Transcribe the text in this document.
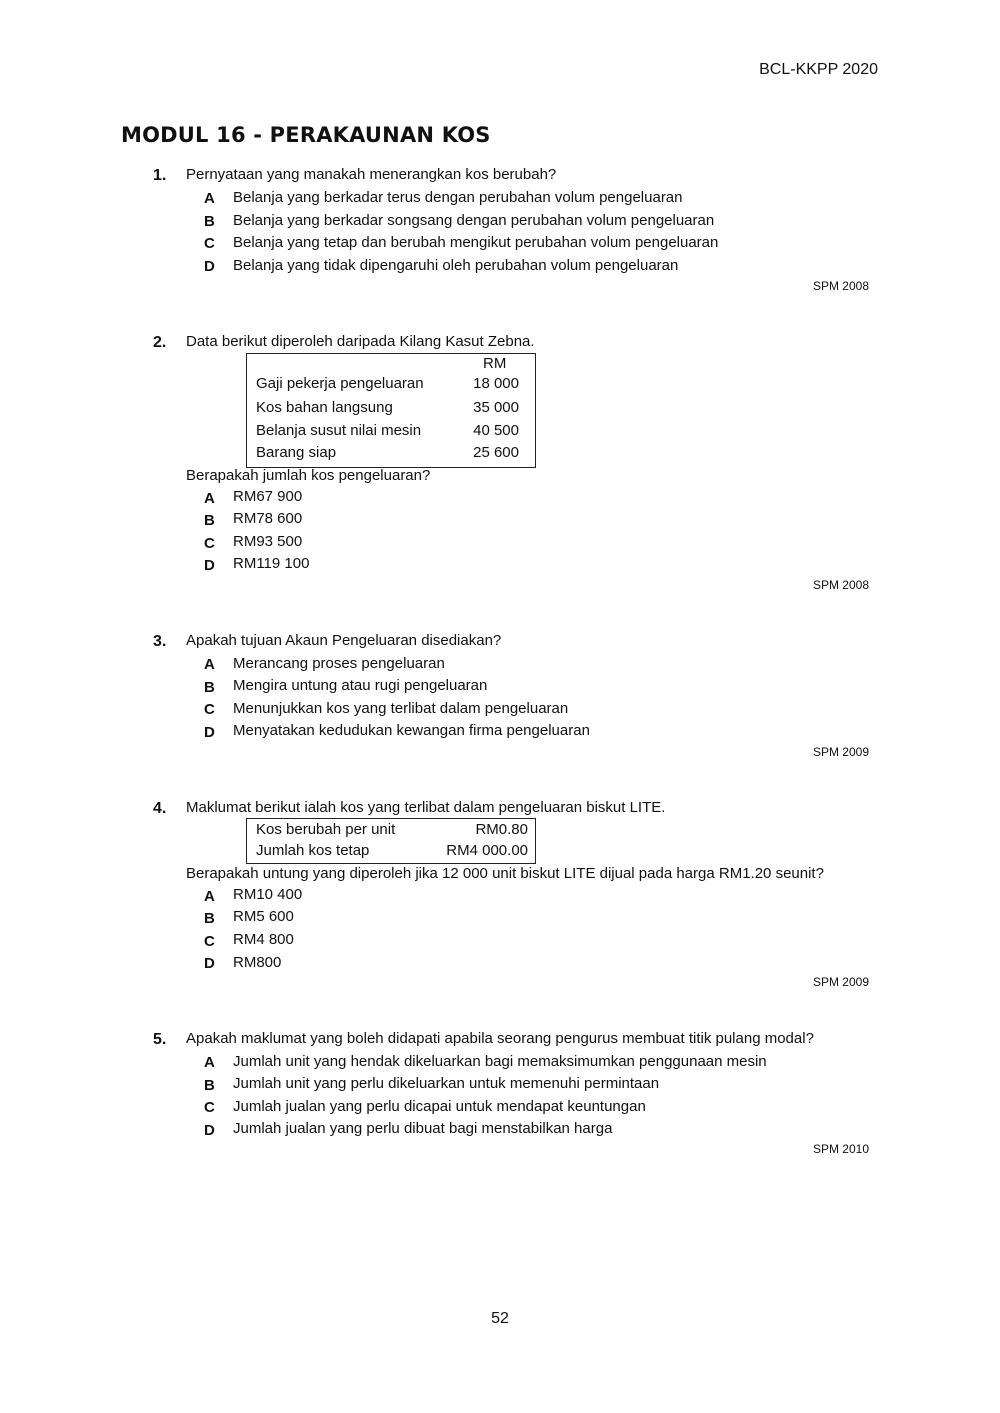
BCL-KKPP 2020
MODUL 16 - PERAKAUNAN KOS
1. Pernyataan yang manakah menerangkan kos berubah?
A Belanja yang berkadar terus dengan perubahan volum pengeluaran
B Belanja yang berkadar songsang dengan perubahan volum pengeluaran
C Belanja yang tetap dan berubah mengikut perubahan volum pengeluaran
D Belanja yang tidak dipengaruhi oleh perubahan volum pengeluaran
SPM 2008
2. Data berikut diperoleh daripada Kilang Kasut Zebna.
RM
Gaji pekerja pengeluaran	18 000
Kos bahan langsung	35 000
Belanja susut nilai mesin	40 500
Barang siap	25 600
Berapakah jumlah kos pengeluaran?
A RM67 900
B RM78 600
C RM93 500
D RM119 100
SPM 2008
3. Apakah tujuan Akaun Pengeluaran disediakan?
A Merancang proses pengeluaran
B Mengira untung atau rugi pengeluaran
C Menunjukkan kos yang terlibat dalam pengeluaran
D Menyatakan kedudukan kewangan firma pengeluaran
SPM 2009
4. Maklumat berikut ialah kos yang terlibat dalam pengeluaran biskut LITE.
Kos berubah per unit	RM0.80
Jumlah kos tetap	RM4 000.00
Berapakah untung yang diperoleh jika 12 000 unit biskut LITE dijual pada harga RM1.20 seunit?
A RM10 400
B RM5 600
C RM4 800
D RM800
SPM 2009
5. Apakah maklumat yang boleh didapati apabila seorang pengurus membuat titik pulang modal?
A Jumlah unit yang hendak dikeluarkan bagi memaksimumkan penggunaan mesin
B Jumlah unit yang perlu dikeluarkan untuk memenuhi permintaan
C Jumlah jualan yang perlu dicapai untuk mendapat keuntungan
D Jumlah jualan yang perlu dibuat bagi menstabilkan harga
SPM 2010
52
